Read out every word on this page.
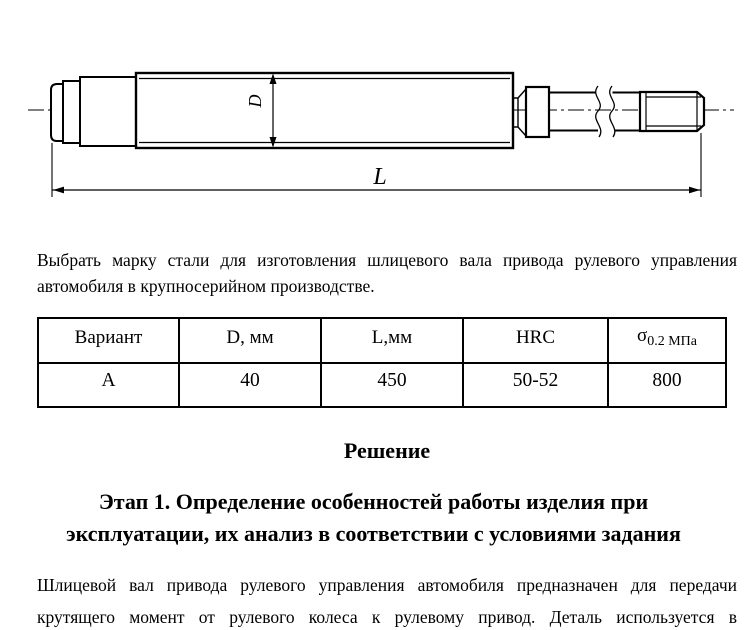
D
L
Выбрать марку стали для изготовления шлицевого вала привода рулевого управления
автомобиля в крупносерийном производстве.
Вариант	D, мм	L,мм	HRC	$\sigma_{0.2 МПа}$
А	40	450	50-52	800
Решение
Этап 1. Определение особенностей работы изделия при
эксплуатации, их анализ в соответствии с условиями задания
Шлицевой вал привода рулевого управления автомобиля предназначен для передачи
крутящего момент от рулевого колеса к рулевому привод. Деталь используется в
